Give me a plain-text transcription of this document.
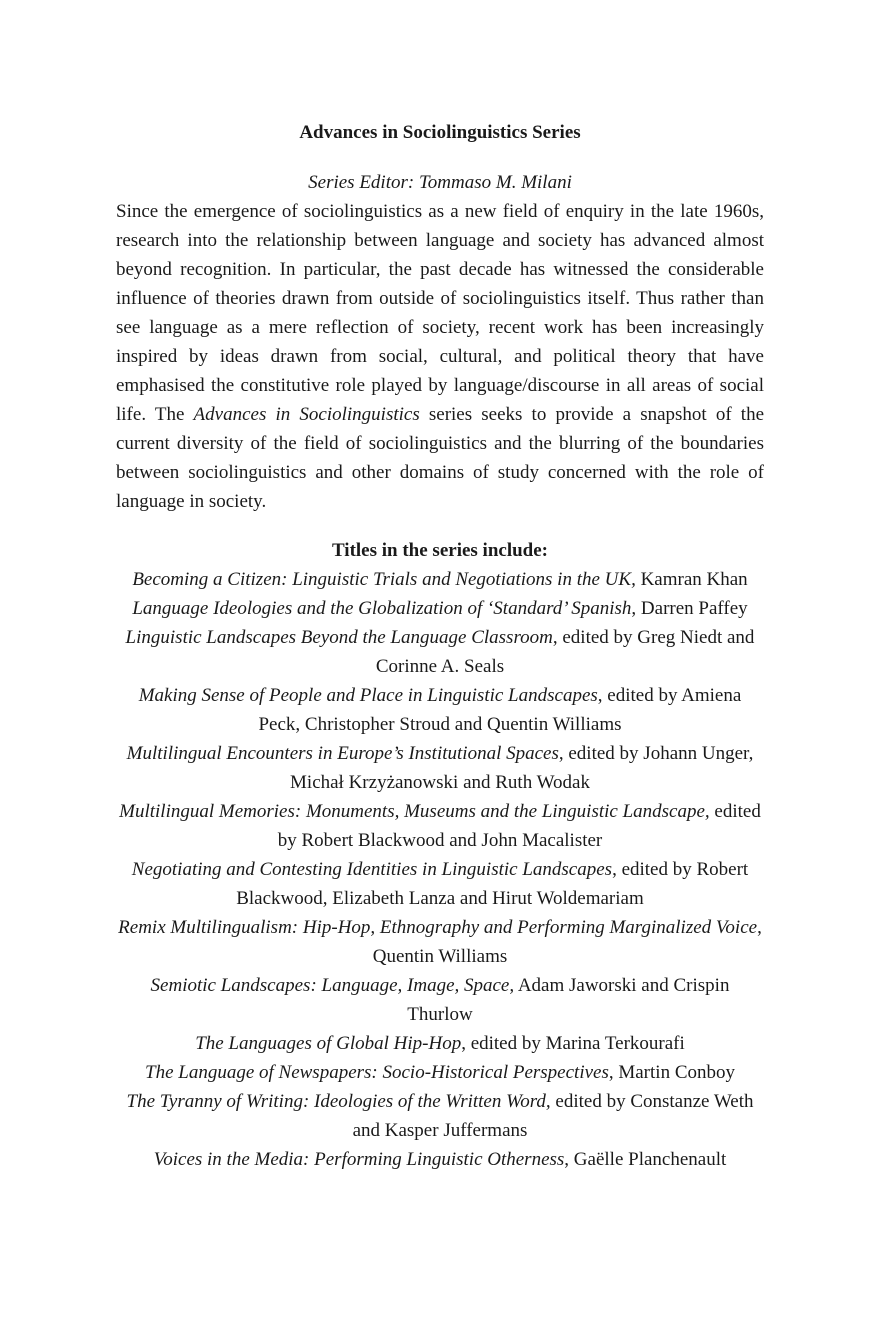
Advances in Sociolinguistics Series

Series Editor: Tommaso M. Milani

Since the emergence of sociolinguistics as a new field of enquiry in the late 1960s, research into the relationship between language and society has advanced almost beyond recognition. In particular, the past decade has witnessed the considerable influence of theories drawn from outside of sociolinguistics itself. Thus rather than see language as a mere reflection of society, recent work has been increasingly inspired by ideas drawn from social, cultural, and political theory that have emphasised the constitutive role played by language/discourse in all areas of social life. The Advances in Sociolinguistics series seeks to provide a snapshot of the current diversity of the field of sociolinguistics and the blurring of the boundaries between sociolinguistics and other domains of study concerned with the role of language in society.

Titles in the series include:
Becoming a Citizen: Linguistic Trials and Negotiations in the UK, Kamran Khan
Language Ideologies and the Globalization of ‘Standard’ Spanish, Darren Paffey
Linguistic Landscapes Beyond the Language Classroom, edited by Greg Niedt and Corinne A. Seals
Making Sense of People and Place in Linguistic Landscapes, edited by Amiena Peck, Christopher Stroud and Quentin Williams
Multilingual Encounters in Europe’s Institutional Spaces, edited by Johann Unger, Michał Krzyżanowski and Ruth Wodak
Multilingual Memories: Monuments, Museums and the Linguistic Landscape, edited by Robert Blackwood and John Macalister
Negotiating and Contesting Identities in Linguistic Landscapes, edited by Robert Blackwood, Elizabeth Lanza and Hirut Woldemariam
Remix Multilingualism: Hip-Hop, Ethnography and Performing Marginalized Voice, Quentin Williams
Semiotic Landscapes: Language, Image, Space, Adam Jaworski and Crispin Thurlow
The Languages of Global Hip-Hop, edited by Marina Terkourafi
The Language of Newspapers: Socio-Historical Perspectives, Martin Conboy
The Tyranny of Writing: Ideologies of the Written Word, edited by Constanze Weth and Kasper Juffermans
Voices in the Media: Performing Linguistic Otherness, Gaëlle Planchenault
